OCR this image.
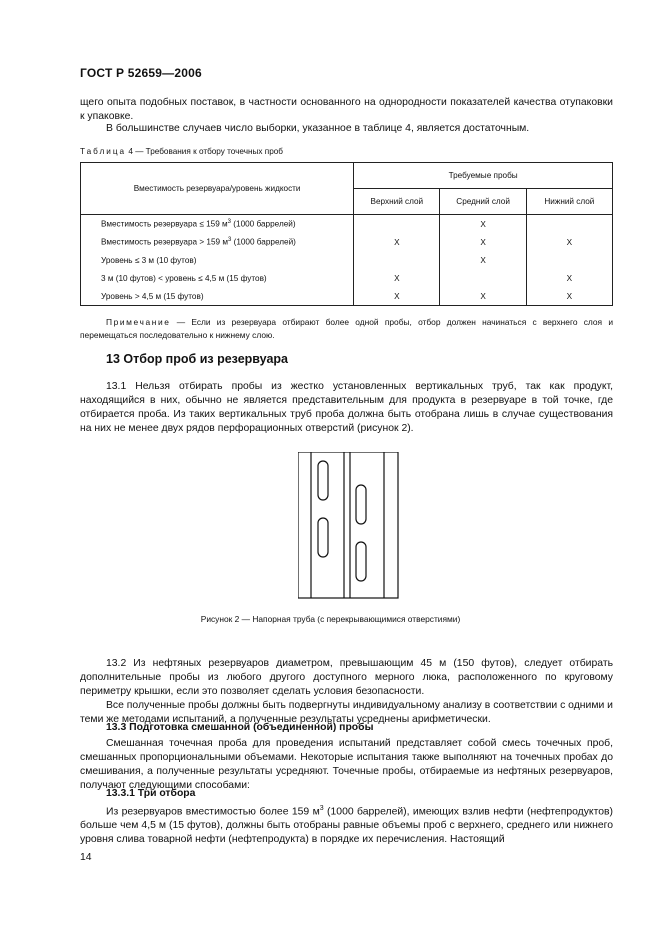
ГОСТ Р 52659—2006
щего опыта подобных поставок, в частности основанного на однородности показателей качества отупаковки к упаковке.
В большинстве случаев число выборки, указанное в таблице 4, является достаточным.
Таблица 4 — Требования к отбору точечных проб
Вместимость резервуара/уровень жидкости	Требуемые пробы		
	Верхний слой	Средний слой	Нижний слой
Вместимость резервуара ≤ 159 $м^3$ (1000 баррелей)		X	
Вместимость резервуара > 159 $м^3$ (1000 баррелей)	X	X	X
Уровень ≤ 3 м (10 футов)		X	
3 м (10 футов) < уровень ≤ 4,5 м (15 футов)	X		X
Уровень > 4,5 м (15 футов)	X	X	X
Примечание — Если из резервуара отбирают более одной пробы, отбор должен начинаться с верхнего слоя и перемещаться последовательно к нижнему слою.
13 Отбор проб из резервуара
13.1 Нельзя отбирать пробы из жестко установленных вертикальных труб, так как продукт, находящийся в них, обычно не является представительным для продукта в резервуаре в той точке, где отбирается проба. Из таких вертикальных труб проба должна быть отобрана лишь в случае существования на них не менее двух рядов перфорационных отверстий (рисунок 2).
Рисунок 2 — Напорная труба (с перекрывающимися отверстиями)
13.2 Из нефтяных резервуаров диаметром, превышающим 45 м (150 футов), следует отбирать дополнительные пробы из любого другого доступного мерного люка, расположенного по круговому периметру крышки, если это позволяет сделать условия безопасности.
Все полученные пробы должны быть подвергнуты индивидуальному анализу в соответствии с одними и теми же методами испытаний, а полученные результаты усреднены арифметически.
13.3 Подготовка смешанной (объединенной) пробы
Смешанная точечная проба для проведения испытаний представляет собой смесь точечных проб, смешанных пропорциональными объемами. Некоторые испытания также выполняют на точечных пробах до смешивания, а полученные результаты усредняют. Точечные пробы, отбираемые из нефтяных резервуаров, получают следующими способами:
13.3.1 Три отбора
Из резервуаров вместимостью более 159 $м^3$ (1000 баррелей), имеющих взлив нефти (нефтепродуктов) больше чем 4,5 м (15 футов), должны быть отобраны равные объемы проб с верхнего, среднего или нижнего уровня слива товарной нефти (нефтепродукта) в порядке их перечисления. Настоящий
14
